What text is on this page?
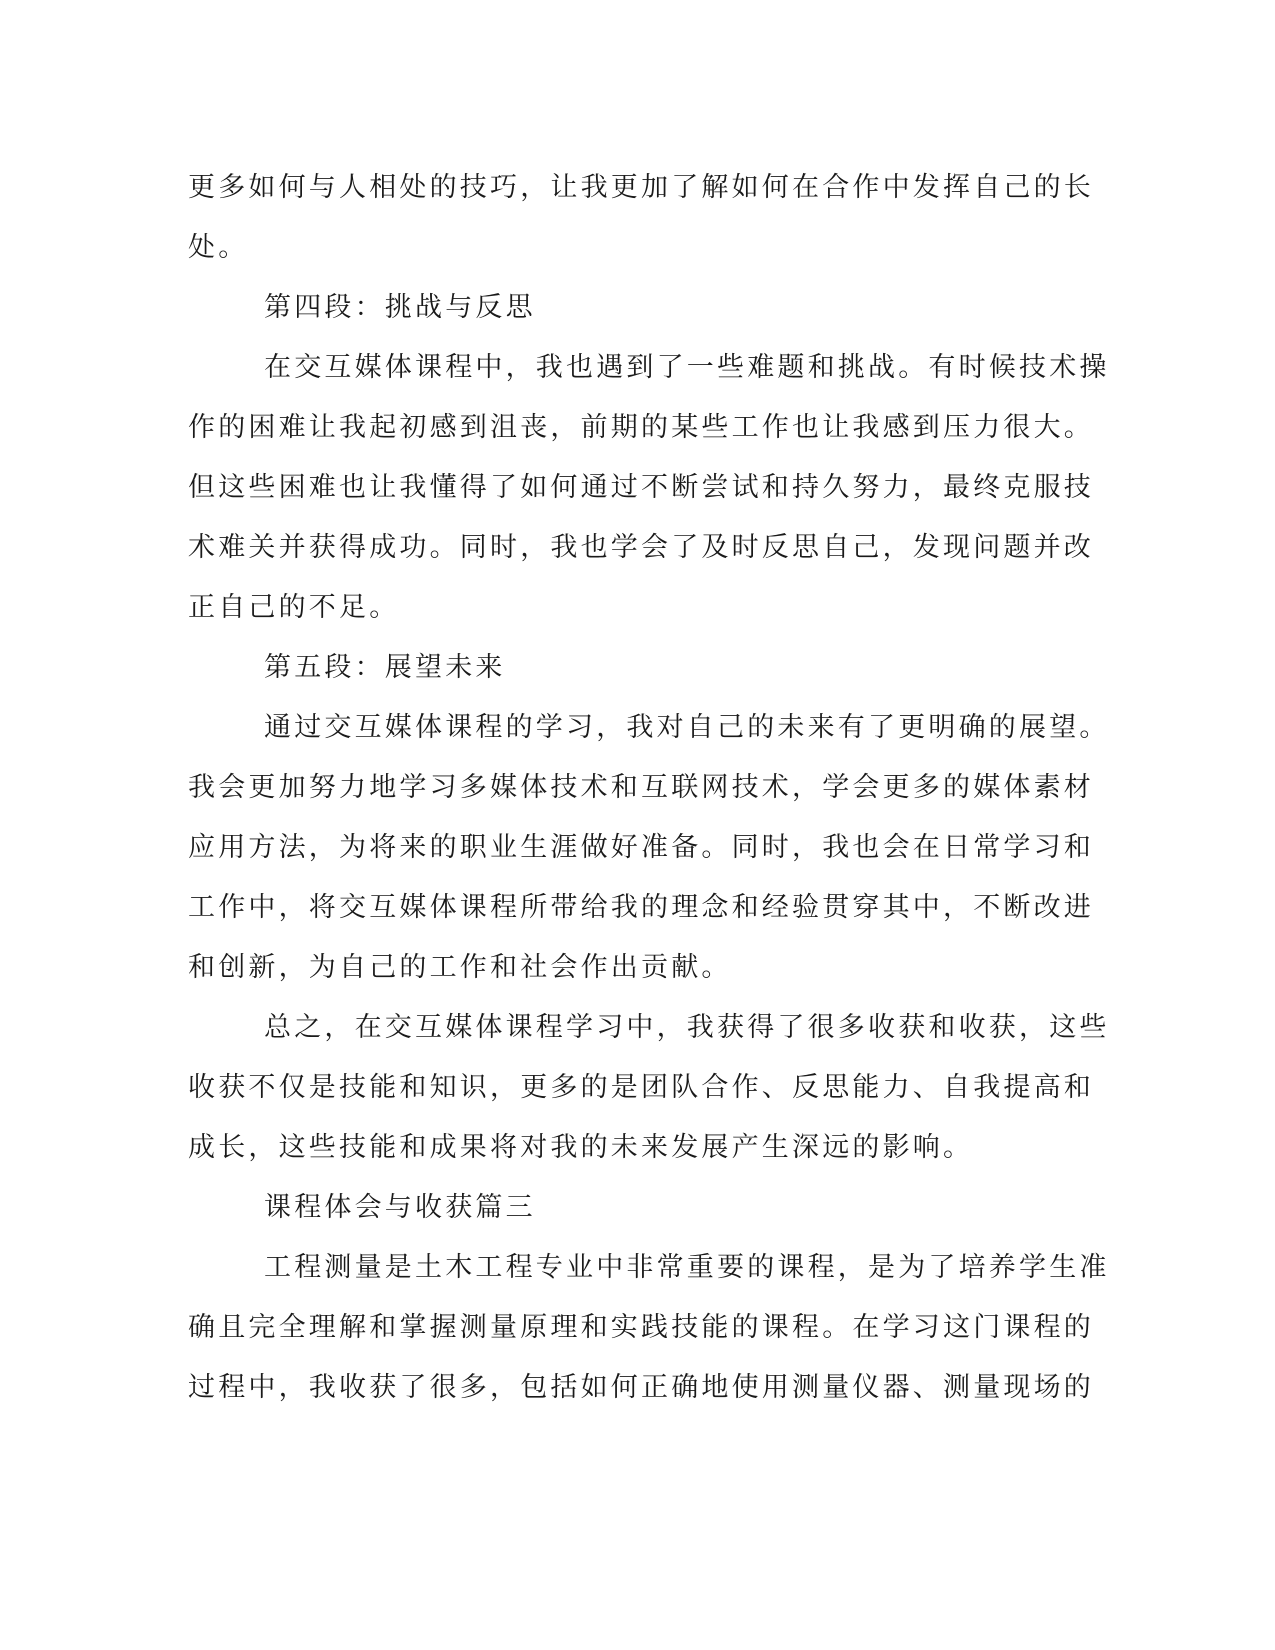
更多如何与人相处的技巧，让我更加了解如何在合作中发挥自己的长
处。
第四段：挑战与反思
在交互媒体课程中，我也遇到了一些难题和挑战。有时候技术操
作的困难让我起初感到沮丧，前期的某些工作也让我感到压力很大。
但这些困难也让我懂得了如何通过不断尝试和持久努力，最终克服技
术难关并获得成功。同时，我也学会了及时反思自己，发现问题并改
正自己的不足。
第五段：展望未来
通过交互媒体课程的学习，我对自己的未来有了更明确的展望。
我会更加努力地学习多媒体技术和互联网技术，学会更多的媒体素材
应用方法，为将来的职业生涯做好准备。同时，我也会在日常学习和
工作中，将交互媒体课程所带给我的理念和经验贯穿其中，不断改进
和创新，为自己的工作和社会作出贡献。
总之，在交互媒体课程学习中，我获得了很多收获和收获，这些
收获不仅是技能和知识，更多的是团队合作、反思能力、自我提高和
成长，这些技能和成果将对我的未来发展产生深远的影响。
课程体会与收获篇三
工程测量是土木工程专业中非常重要的课程，是为了培养学生准
确且完全理解和掌握测量原理和实践技能的课程。在学习这门课程的
过程中，我收获了很多，包括如何正确地使用测量仪器、测量现场的
